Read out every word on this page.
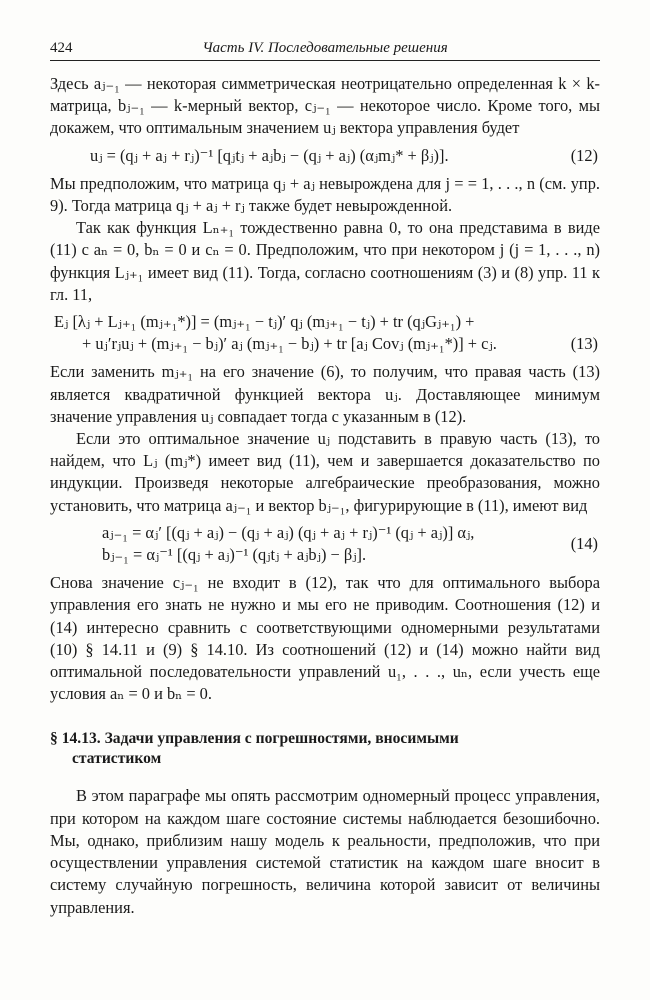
424	Часть IV. Последовательные решения

Здесь aⱼ₋₁ — некоторая симметрическая неотрицательно определенная k × k-матрица, bⱼ₋₁ — k-мерный вектор, cⱼ₋₁ — некоторое число. Кроме того, мы докажем, что оптимальным значением uⱼ вектора управления будет

uⱼ = (qⱼ + aⱼ + rⱼ)⁻¹ [qⱼtⱼ + aⱼbⱼ − (qⱼ + aⱼ) (αⱼmⱼ* + βⱼ)].	(12)

Мы предположим, что матрица qⱼ + aⱼ невырождена для j = = 1, . . ., n (см. упр. 9). Тогда матрица qⱼ + aⱼ + rⱼ также будет невырожденной.

Так как функция Lₙ₊₁ тождественно равна 0, то она представима в виде (11) с aₙ = 0, bₙ = 0 и cₙ = 0. Предположим, что при некотором j (j = 1, . . ., n) функция Lⱼ₊₁ имеет вид (11). Тогда, согласно соотношениям (3) и (8) упр. 11 к гл. 11,

Eⱼ [λⱼ + Lⱼ₊₁ (mⱼ₊₁*)] = (mⱼ₊₁ − tⱼ)′ qⱼ (mⱼ₊₁ − tⱼ) + tr (qⱼGⱼ₊₁) +
+ uⱼ′rⱼuⱼ + (mⱼ₊₁ − bⱼ)′ aⱼ (mⱼ₊₁ − bⱼ) + tr [aⱼ Covⱼ (mⱼ₊₁*)] + cⱼ.	(13)

Если заменить mⱼ₊₁ на его значение (6), то получим, что правая часть (13) является квадратичной функцией вектора uⱼ. Доставляющее минимум значение управления uⱼ совпадает тогда с указанным в (12).

Если это оптимальное значение uⱼ подставить в правую часть (13), то найдем, что Lⱼ (mⱼ*) имеет вид (11), чем и завершается доказательство по индукции. Произведя некоторые алгебраические преобразования, можно установить, что матрица aⱼ₋₁ и вектор bⱼ₋₁, фигурирующие в (11), имеют вид

aⱼ₋₁ = αⱼ′ [(qⱼ + aⱼ) − (qⱼ + aⱼ) (qⱼ + aⱼ + rⱼ)⁻¹ (qⱼ + aⱼ)] αⱼ,
bⱼ₋₁ = αⱼ⁻¹ [(qⱼ + aⱼ)⁻¹ (qⱼtⱼ + aⱼbⱼ) − βⱼ].
(14)

Снова значение cⱼ₋₁ не входит в (12), так что для оптимального выбора управления его знать не нужно и мы его не приводим. Соотношения (12) и (14) интересно сравнить с соответствующими одномерными результатами (10) § 14.11 и (9) § 14.10. Из соотношений (12) и (14) можно найти вид оптимальной последовательности управлений u₁, . . ., uₙ, если учесть еще условия aₙ = 0 и bₙ = 0.

§ 14.13. Задачи управления с погрешностями, вносимыми
статистиком

В этом параграфе мы опять рассмотрим одномерный процесс управления, при котором на каждом шаге состояние системы наблюдается безошибочно. Мы, однако, приблизим нашу модель к реальности, предположив, что при осуществлении управления системой статистик на каждом шаге вносит в систему случайную погрешность, величина которой зависит от величины управления.
